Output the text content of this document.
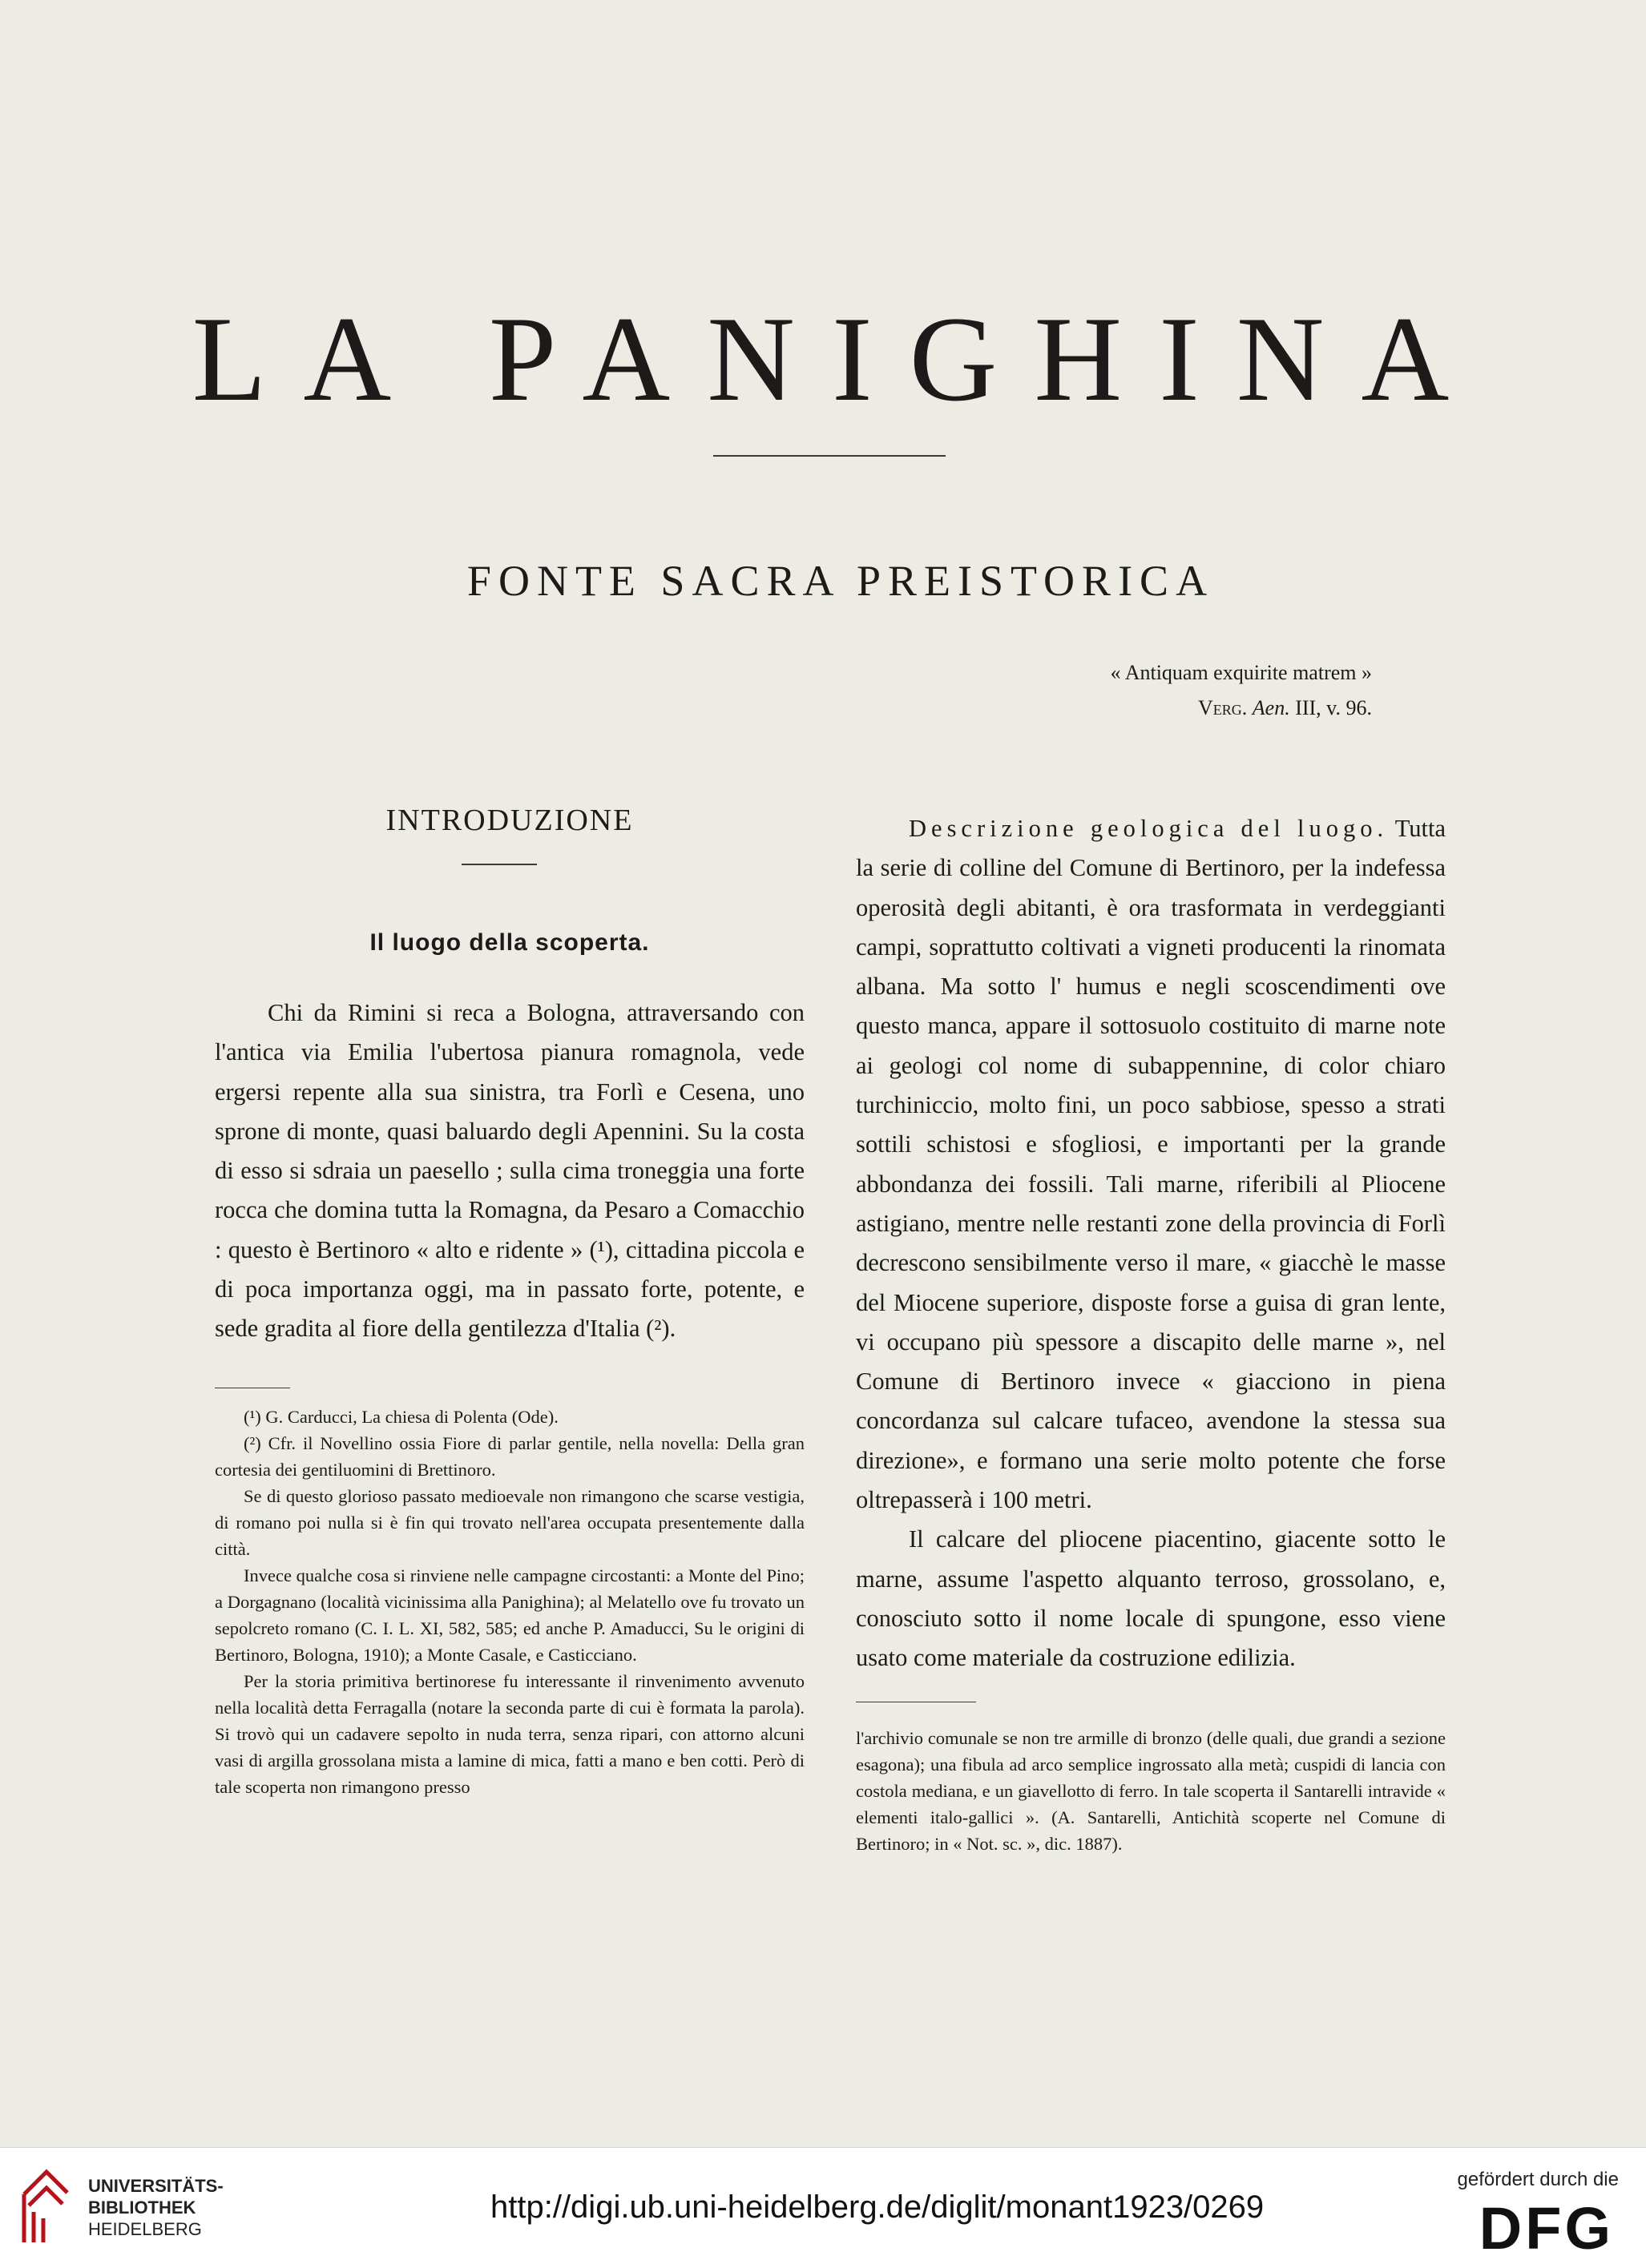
LA PANIGHINA
FONTE SACRA PREISTORICA
« Antiquam exquirite matrem »
Verg. Aen. III, v. 96.
INTRODUZIONE
Il luogo della scoperta.

Chi da Rimini si reca a Bologna, attraversando con l'antica via Emilia l'ubertosa pianura romagnola, vede ergersi repente alla sua sinistra, tra Forlì e Cesena, uno sprone di monte, quasi baluardo degli Apennini. Su la costa di esso si sdraia un paesello ; sulla cima troneggia una forte rocca che domina tutta la Romagna, da Pesaro a Comacchio : questo è Bertinoro « alto e ridente » (¹), cittadina piccola e di poca importanza oggi, ma in passato forte, potente, e sede gradita al fiore della gentilezza d'Italia (²).

(¹) G. Carducci, La chiesa di Polenta (Ode).

(²) Cfr. il Novellino ossia Fiore di parlar gentile, nella novella: Della gran cortesia dei gentiluomini di Brettinoro.

Se di questo glorioso passato medioevale non rimangono che scarse vestigia, di romano poi nulla si è fin qui trovato nell'area occupata presentemente dalla città.

Invece qualche cosa si rinviene nelle campagne circostanti: a Monte del Pino; a Dorgagnano (località vicinissima alla Panighina); al Melatello ove fu trovato un sepolcreto romano (C. I. L. XI, 582, 585; ed anche P. Amaducci, Su le origini di Bertinoro, Bologna, 1910); a Monte Casale, e Casticciano.

Per la storia primitiva bertinorese fu interessante il rinvenimento avvenuto nella località detta Ferragalla (notare la seconda parte di cui è formata la parola). Si trovò qui un cadavere sepolto in nuda terra, senza ripari, con attorno alcuni vasi di argilla grossolana mista a lamine di mica, fatti a mano e ben cotti. Però di tale scoperta non rimangono presso

Descrizione geologica del luogo. Tutta la serie di colline del Comune di Bertinoro, per la indefessa operosità degli abitanti, è ora trasformata in verdeggianti campi, soprattutto coltivati a vigneti producenti la rinomata albana. Ma sotto l' humus e negli scoscendimenti ove questo manca, appare il sottosuolo costituito di marne note ai geologi col nome di subappennine, di color chiaro turchiniccio, molto fini, un poco sabbiose, spesso a strati sottili schistosi e sfogliosi, e importanti per la grande abbondanza dei fossili. Tali marne, riferibili al Pliocene astigiano, mentre nelle restanti zone della provincia di Forlì decrescono sensibilmente verso il mare, « giacchè le masse del Miocene superiore, disposte forse a guisa di gran lente, vi occupano più spessore a discapito delle marne », nel Comune di Bertinoro invece « giacciono in piena concordanza sul calcare tufaceo, avendone la stessa sua direzione», e formano una serie molto potente che forse oltrepasserà i 100 metri.

Il calcare del pliocene piacentino, giacente sotto le marne, assume l'aspetto alquanto terroso, grossolano, e, conosciuto sotto il nome locale di spungone, esso viene usato come materiale da costruzione edilizia.

l'archivio comunale se non tre armille di bronzo (delle quali, due grandi a sezione esagona); una fibula ad arco semplice ingrossato alla metà; cuspidi di lancia con costola mediana, e un giavellotto di ferro. In tale scoperta il Santarelli intravide « elementi italo-gallici ». (A. Santarelli, Antichità scoperte nel Comune di Bertinoro; in « Not. sc. », dic. 1887).

UNIVERSITÄTS-
BIBLIOTHEK
HEIDELBERG
http://digi.ub.uni-heidelberg.de/diglit/monant1923/0269
gefördert durch die
DFG
